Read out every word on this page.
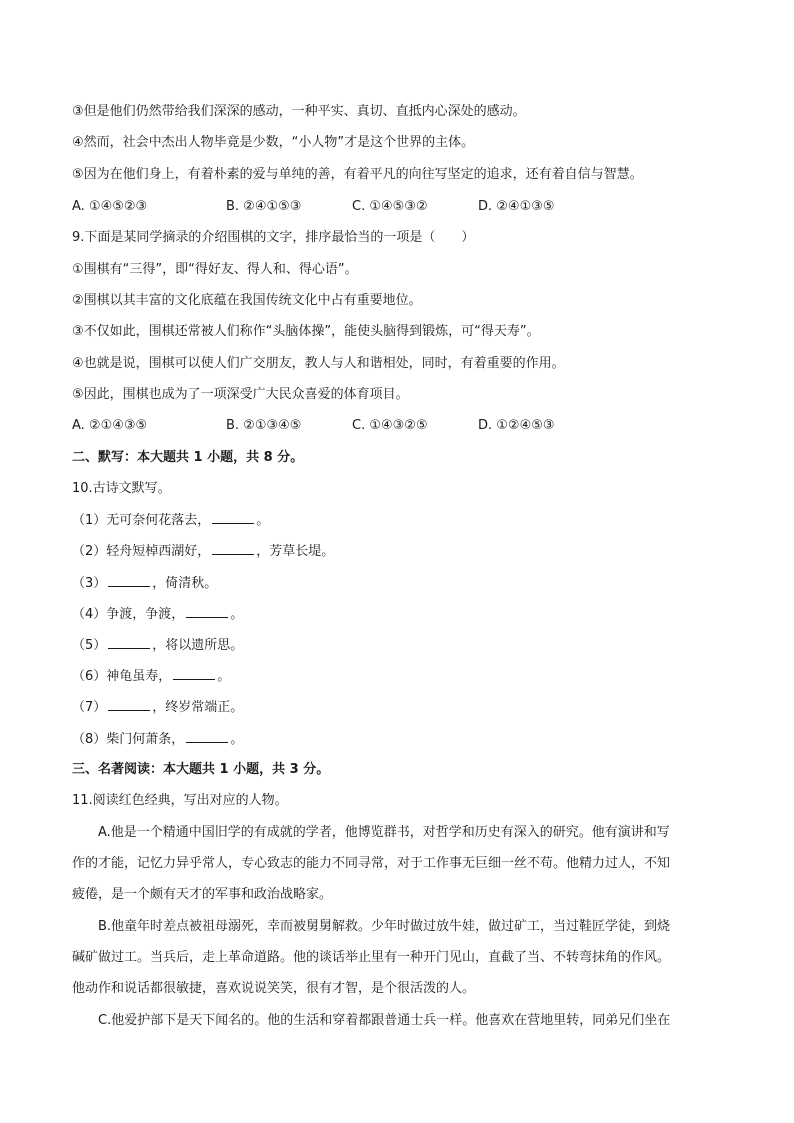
③但是他们仍然带给我们深深的感动，一种平实、真切、直抵内心深处的感动。
④然而，社会中杰出人物毕竟是少数，“小人物”才是这个世界的主体。
⑤因为在他们身上，有着朴素的爱与单纯的善，有着平凡的向往写坚定的追求，还有着自信与智慧。
A. ①④⑤②③	B. ②④①⑤③	C. ①④⑤③②	D. ②④①③⑤
9.下面是某同学摘录的介绍围棋的文字，排序最恰当的一项是（　　）
①围棋有“三得”，即“得好友、得人和、得心语”。
②围棋以其丰富的文化底蕴在我国传统文化中占有重要地位。
③不仅如此，围棋还常被人们称作“头脑体操”，能使头脑得到锻炼，可“得天寿”。
④也就是说，围棋可以使人们广交朋友，教人与人和谐相处，同时，有着重要的作用。
⑤因此，围棋也成为了一项深受广大民众喜爱的体育项目。
A. ②①④③⑤	B. ②①③④⑤	C. ①④③②⑤	D. ①②④⑤③
二、默写：本大题共 1 小题，共 8 分。
10.古诗文默写。
（1）无可奈何花落去，	。
（2）轻舟短棹西湖好，	，芳草长堤。
（3）	，倚清秋。
（4）争渡，争渡，	。
（5）	，将以遗所思。
（6）神龟虽寿，	。
（7）	，终岁常端正。
（8）柴门何萧条，	。
三、名著阅读：本大题共 1 小题，共 3 分。
11.阅读红色经典，写出对应的人物。
A.他是一个精通中国旧学的有成就的学者，他博览群书，对哲学和历史有深入的研究。他有演讲和写
作的才能，记忆力异乎常人，专心致志的能力不同寻常，对于工作事无巨细一丝不苟。他精力过人，不知
疲倦，是一个颇有天才的军事和政治战略家。
B.他童年时差点被祖母溺死，幸而被舅舅解救。少年时做过放牛娃，做过矿工，当过鞋匠学徒，到烧
碱矿做过工。当兵后，走上革命道路。他的谈话举止里有一种开门见山，直截了当、不转弯抹角的作风。
他动作和说话都很敏捷，喜欢说说笑笑，很有才智，是个很活泼的人。
C.他爱护部下是天下闻名的。他的生活和穿着都跟普通士兵一样。他喜欢在营地里转，同弟兄们坐在
